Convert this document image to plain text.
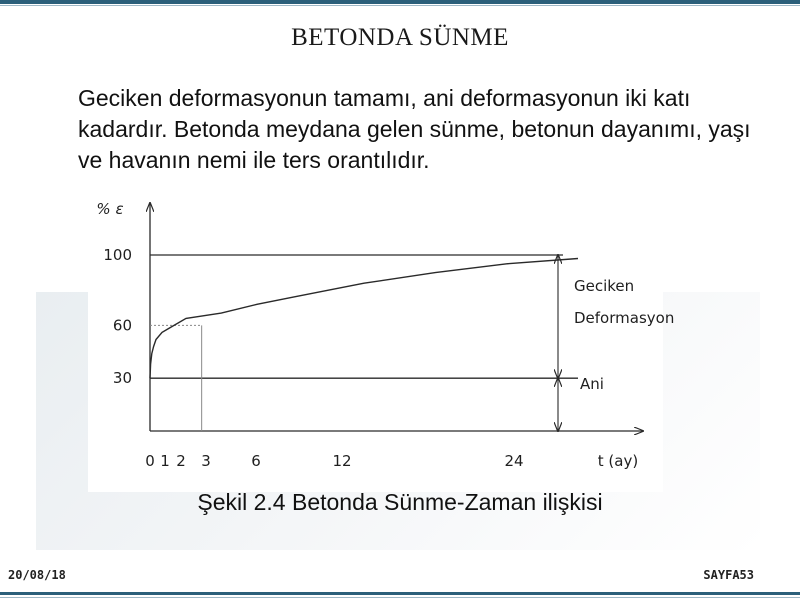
BETONDA SÜNME
Geciken deformasyonun tamamı, ani deformasyonun iki katı kadardır. Betonda meydana gelen sünme, betonun dayanımı, yaşı ve havanın nemi ile ters orantılıdır.
100
60
30
% ε
0 1 2 3	6	12	24	t (ay)
Geciken
Deformasyon
Ani
Şekil 2.4 Betonda Sünme-Zaman ilişkisi
20/08/18	SAYFA53
